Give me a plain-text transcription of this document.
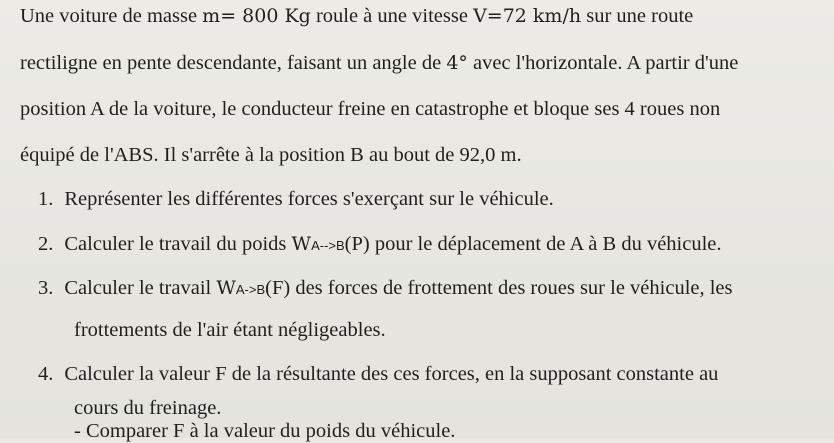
Une voiture de masse m= 800 Kg roule à une vitesse V=72 km/h sur une route
rectiligne en pente descendante, faisant un angle de 4° avec l'horizontale. A partir d'une
position A de la voiture, le conducteur freine en catastrophe et bloque ses 4 roues non
équipé de l'ABS. Il s'arrête à la position B au bout de 92,0 m.
1. Représenter les différentes forces s'exerçant sur le véhicule.
2. Calculer le travail du poids WA-->B(P) pour le déplacement de A à B du véhicule.
3. Calculer le travail WA->B(F) des forces de frottement des roues sur le véhicule, les
frottements de l'air étant négligeables.
4. Calculer la valeur F de la résultante des ces forces, en la supposant constante au
cours du freinage.
- Comparer F à la valeur du poids du véhicule.
